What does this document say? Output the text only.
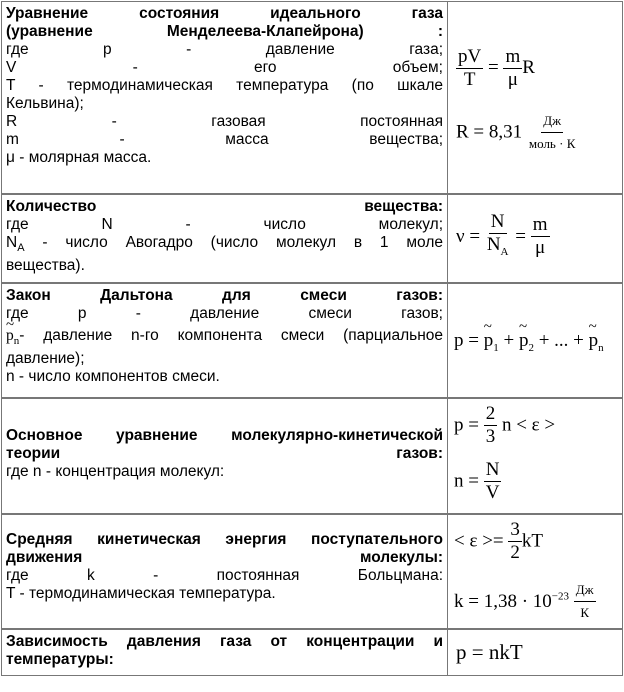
Уравнение состояния идеального газа
(уравнение Менделеева-Клапейрона) :
где p - давление газа;
V - его объем;
T - термодинамическая температура (по шкале
Кельвина);
R - газовая постоянная
m - масса вещества;
μ - молярная масса.
$\frac{pV}{T} = \frac{m}{\mu}$ R
$R = 8,31 \frac{Дж}{\text{моль · К}}$
Количество вещества:
где N - число молекул;
$N_A$ - число Авогадро (число молекул в 1 моле
вещества).
$\nu = \frac{N}{N_A} = \frac{m}{\mu}$
Закон Дальтона для смеси газов:
где p - давление смеси газов;
~ $p_n-$ давление n-го компонента смеси (парциальное
давление);
n - число компонентов смеси.
p = ~ $p_1$ + ~ $p_2$ + ... + ~ $p_n$
Основное уравнение молекулярно-кинетической
теории газов:
где n - концентрация молекул:
$p = \frac{2}{3}$ n < ε >
$n = \frac{N}{V}$
Средняя кинетическая энергия поступательного
движения молекулы:
где k - постоянная Больцмана:
T - термодинамическая температура.
< $\varepsilon >= \frac{3}{2}$ kT
$k = 1,38 \cdot 10^{-23} \frac{Дж}{К}$
Зависимость давления газа от концентрации и
температуры:	p = nkT
